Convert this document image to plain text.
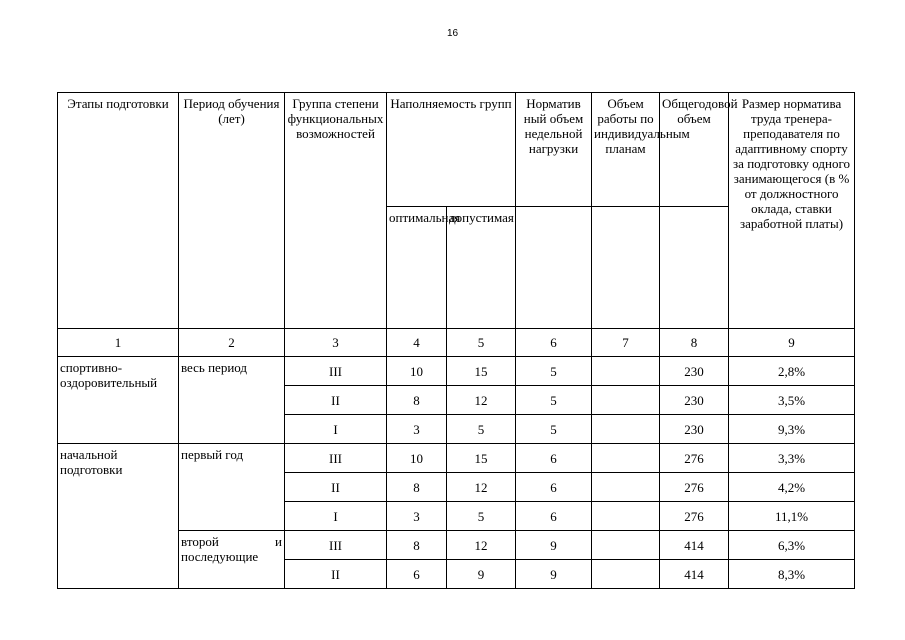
16
Этапы подготовки	Период обучения (лет)	Группа степени функциональных возможностей	Наполняемость групп		Норматив ный объем недельной нагрузки	Объем работы по индивидуальным планам	Общегодовой объем	Размер норматива труда тренера-преподавателя по адаптивному спорту за подготовку одного занимающегося (в % от должностного оклада, ставки заработной платы)
			оптимальная	допустимая				
1	2	3	4	5	6	7	8	9
спортивно-оздоровительный	весь период	III	10	15	5		230	2,8%
		II	8	12	5		230	3,5%
		I	3	5	5		230	9,3%
начальной подготовки	первый год	III	10	15	6		276	3,3%
		II	8	12	6		276	4,2%
		I	3	5	6		276	11,1%
	второй и последующие	III	8	12	9		414	6,3%
		II	6	9	9		414	8,3%
